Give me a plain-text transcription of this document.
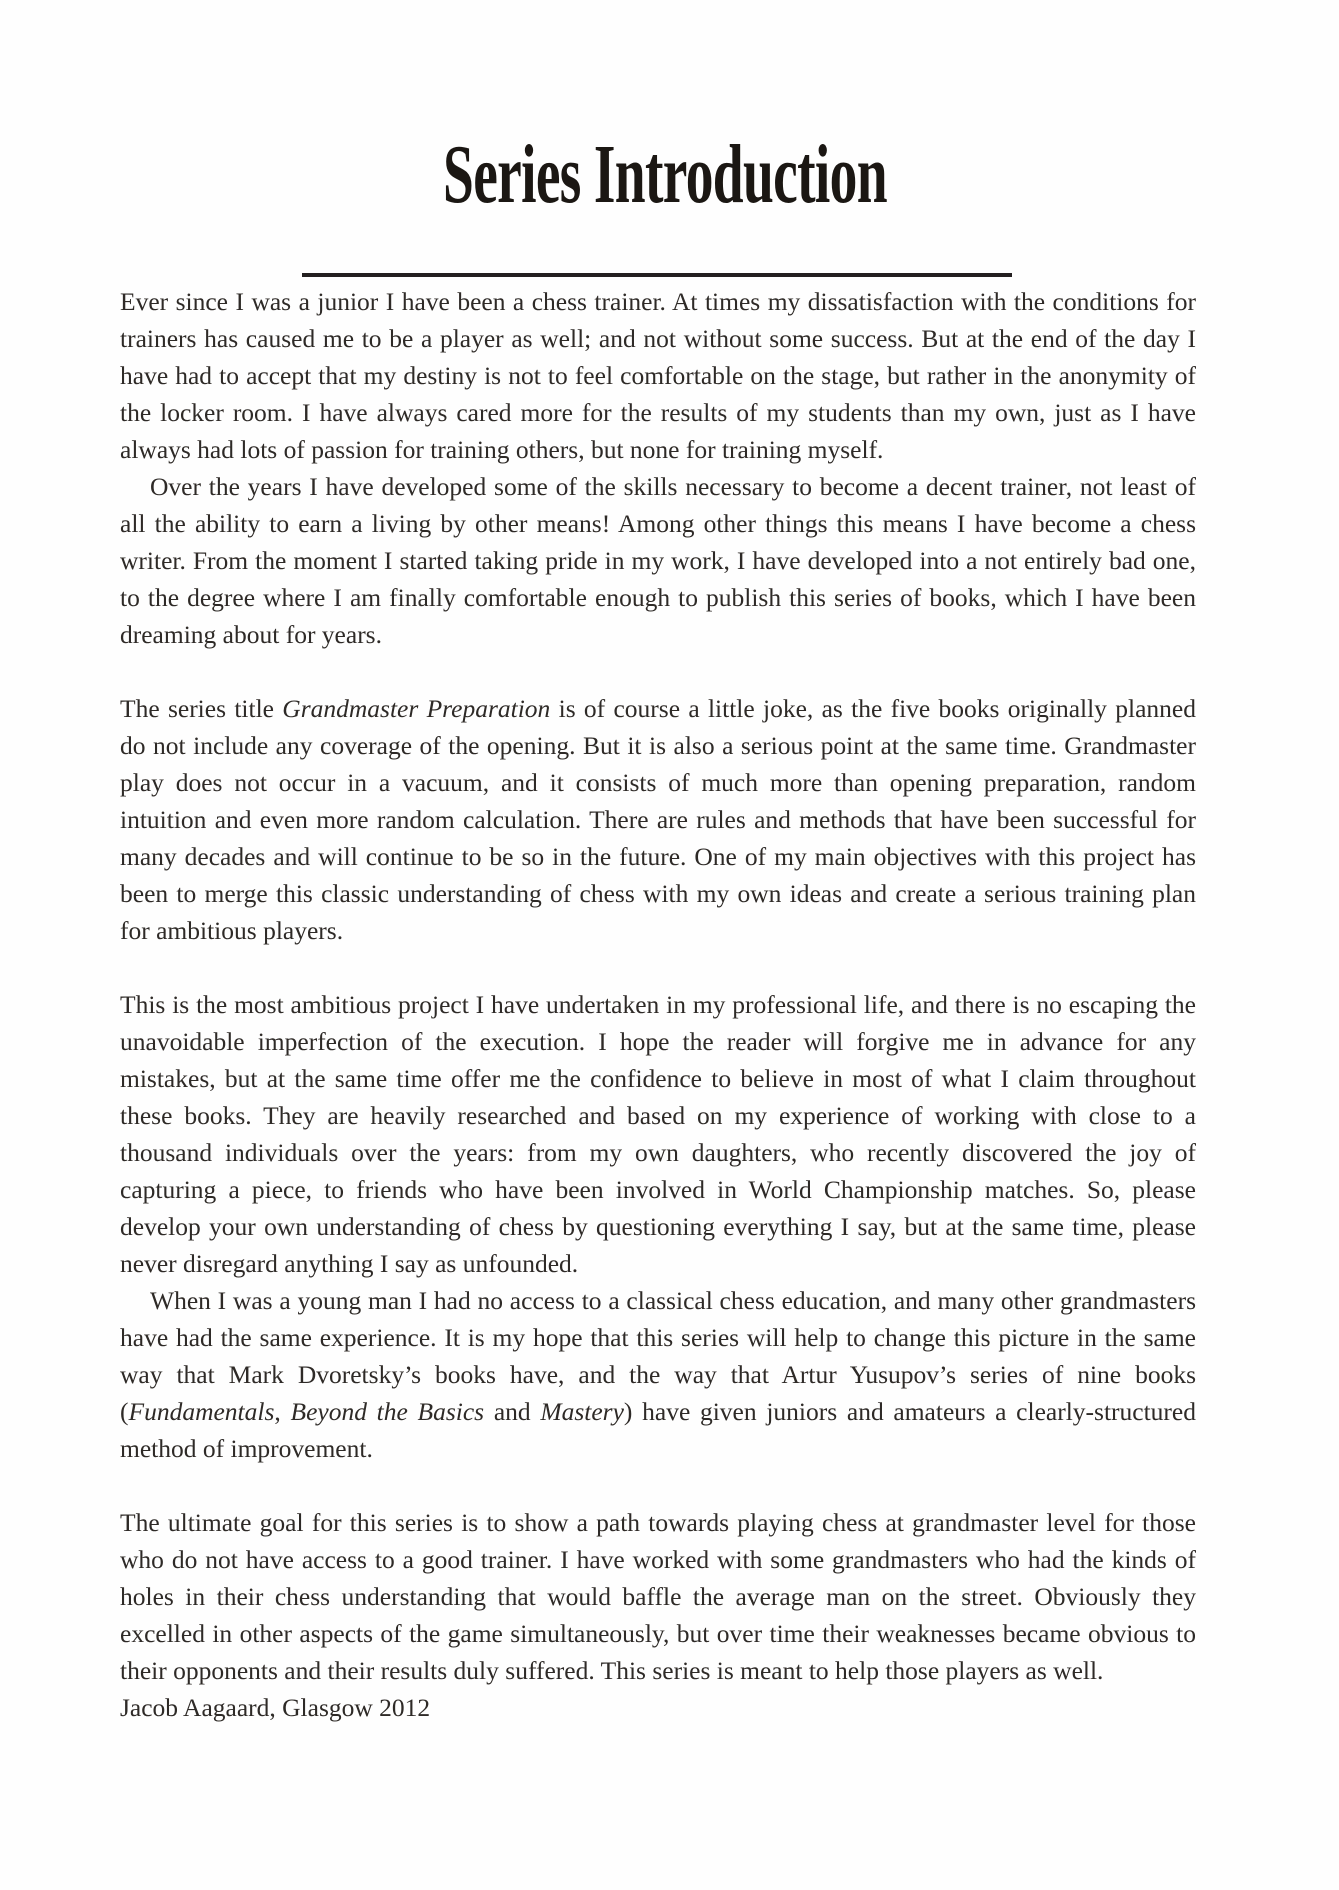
Series Introduction

Ever since I was a junior I have been a chess trainer. At times my dissatisfaction with the conditions for trainers has caused me to be a player as well; and not without some success. But at the end of the day I have had to accept that my destiny is not to feel comfortable on the stage, but rather in the anonymity of the locker room. I have always cared more for the results of my students than my own, just as I have always had lots of passion for training others, but none for training myself.

Over the years I have developed some of the skills necessary to become a decent trainer, not least of all the ability to earn a living by other means! Among other things this means I have become a chess writer. From the moment I started taking pride in my work, I have developed into a not entirely bad one, to the degree where I am finally comfortable enough to publish this series of books, which I have been dreaming about for years.

The series title Grandmaster Preparation is of course a little joke, as the five books originally planned do not include any coverage of the opening. But it is also a serious point at the same time. Grandmaster play does not occur in a vacuum, and it consists of much more than opening preparation, random intuition and even more random calculation. There are rules and methods that have been successful for many decades and will continue to be so in the future. One of my main objectives with this project has been to merge this classic understanding of chess with my own ideas and create a serious training plan for ambitious players.

This is the most ambitious project I have undertaken in my professional life, and there is no escaping the unavoidable imperfection of the execution. I hope the reader will forgive me in advance for any mistakes, but at the same time offer me the confidence to believe in most of what I claim throughout these books. They are heavily researched and based on my experience of working with close to a thousand individuals over the years: from my own daughters, who recently discovered the joy of capturing a piece, to friends who have been involved in World Championship matches. So, please develop your own understanding of chess by questioning everything I say, but at the same time, please never disregard anything I say as unfounded.

When I was a young man I had no access to a classical chess education, and many other grandmasters have had the same experience. It is my hope that this series will help to change this picture in the same way that Mark Dvoretsky’s books have, and the way that Artur Yusupov’s series of nine books (Fundamentals, Beyond the Basics and Mastery) have given juniors and amateurs a clearly-structured method of improvement.

The ultimate goal for this series is to show a path towards playing chess at grandmaster level for those who do not have access to a good trainer. I have worked with some grandmasters who had the kinds of holes in their chess understanding that would baffle the average man on the street. Obviously they excelled in other aspects of the game simultaneously, but over time their weaknesses became obvious to their opponents and their results duly suffered. This series is meant to help those players as well.

Jacob Aagaard, Glasgow 2012
